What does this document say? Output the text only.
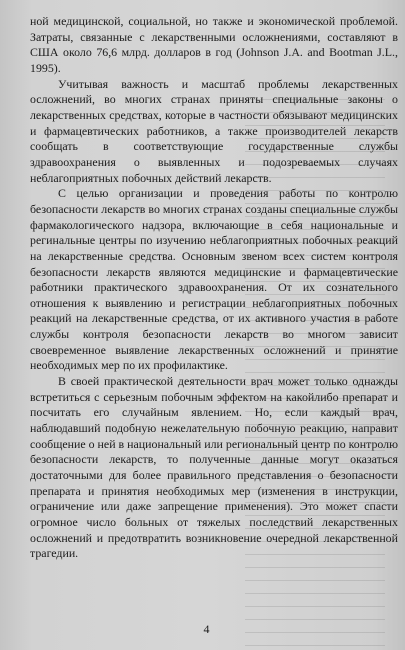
ной медицинской, социальной, но также и экономической проблемой. Затраты, связанные с лекарственными осложнениями, составляют в США около 76,6 млрд. долларов в год (Johnson J.A. and Bootman J.L., 1995).

Учитывая важность и масштаб проблемы лекарственных осложнений, во многих странах приняты специальные законы о лекарственных средствах, которые в частности обязывают медицинских и фармацевтических работников, а также производителей лекарств сообщать в соответствующие государственные службы здравоохранения о выявленных и подозреваемых случаях неблагоприятных побочных действий лекарств.

С целью организации и проведения работы по контролю безопасности лекарств во многих странах созданы специальные службы фармакологического надзора, включающие в себя национальные и регинальные центры по изучению неблагоприятных побочных реакций на лекарственные средства. Основным звеном всех систем контроля безопасности лекарств являются медицинские и фармацевтические работники практического здравоохранения. От их сознательного отношения к выявлению и регистрации неблагоприятных побочных реакций на лекарственные средства, от их активного участия в работе службы контроля безопасности лекарств во многом зависит своевременное выявление лекарственных осложнений и принятие необходимых мер по их профилактике.

В своей практической деятельности врач может только однажды встретиться с серьезным побочным эффектом на какойлибо препарат и посчитать его случайным явлением. Но, если каждый врач, наблюдавший подобную нежелательную побочную реакцию, направит сообщение о ней в национальный или региональный центр по контролю безопасности лекарств, то полученные данные могут оказаться достаточными для более правильного представления о безопасности препарата и принятия необходимых мер (изменения в инструкции, ограничение или даже запрещение применения). Это может спасти огромное число больных от тяжелых последствий лекарственных осложнений и предотвратить возникновение очередной лекарственной трагедии.

4
